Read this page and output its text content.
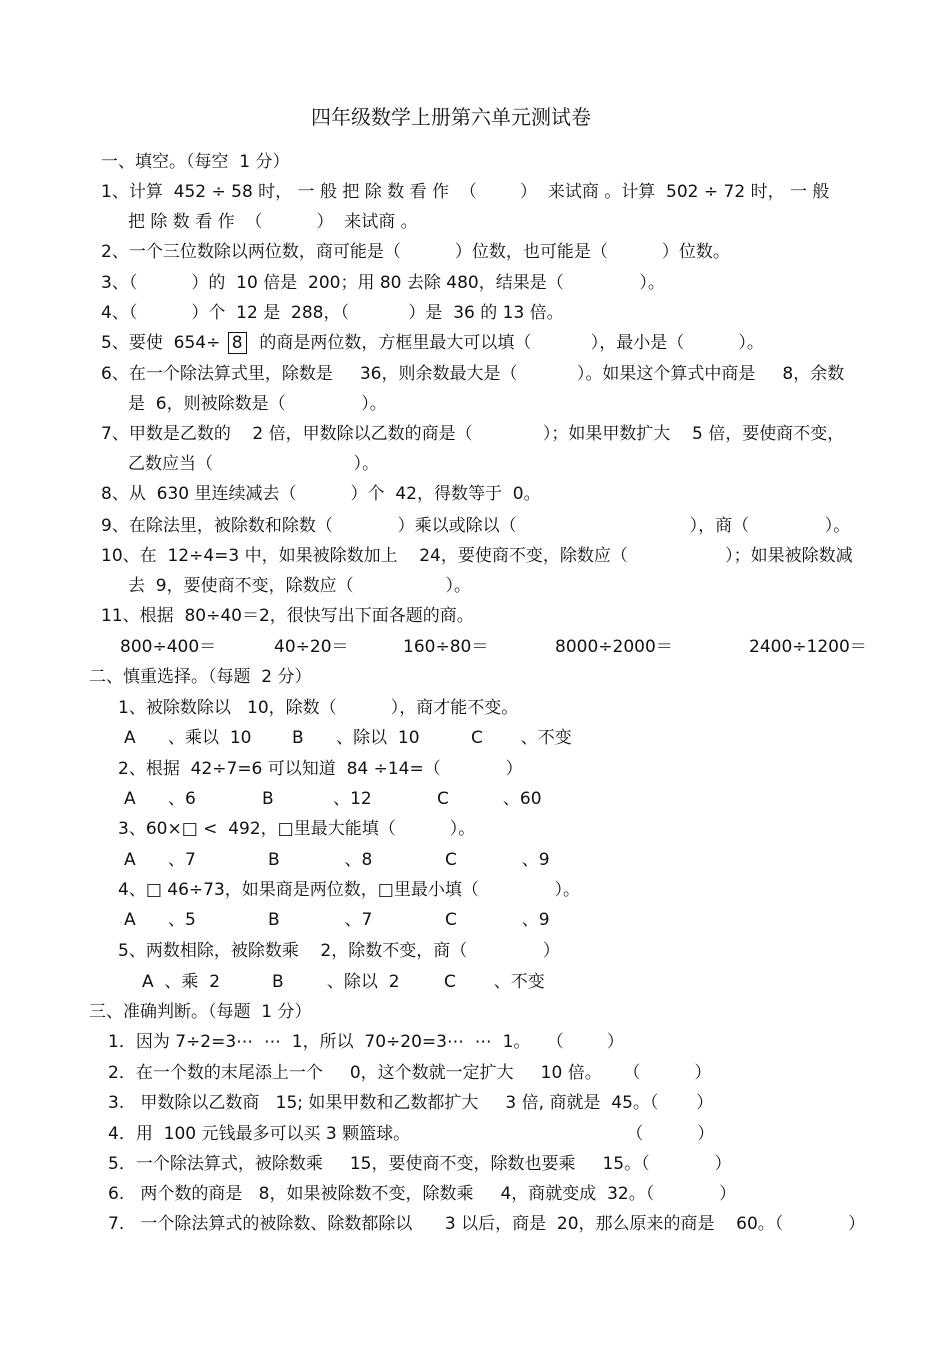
四年级数学上册第六单元测试卷
一、填空。（每空  1 分）
1、计算  452 ÷ 58 时， 一 般 把 除 数 看 作  （        ）  来试商 。计算  502 ÷ 72 时， 一 般
把 除 数 看 作  （          ）  来试商 。
2、一个三位数除以两位数，商可能是（          ）位数，也可能是（          ）位数。
3、（          ）的  10 倍是  200；用 80 去除 480，结果是（              ）。
4、（          ）个  12 是  288，（           ）是  36 的 13 倍。
5、要使  654÷ 8  的商是两位数，方框里最大可以填（           ），最小是（          ）。
6、在一个除法算式里，除数是     36，则余数最大是（           ）。如果这个算式中商是     8，余数
是  6，则被除数是（              ）。
7、甲数是乙数的    2 倍，甲数除以乙数的商是（             ）；如果甲数扩大    5 倍，要使商不变，
乙数应当（                          ）。
8、从  630 里连续减去（          ）个  42，得数等于  0。
9、在除法里，被除数和除数（            ）乘以或除以（                                ），商（              ）。
10、在  12÷4=3 中，如果被除数加上    24，要使商不变，除数应（                  ）；如果被除数减
去  9，要使商不变，除数应（                 ）。
11、根据  80÷40＝2，很快写出下面各题的商。
800÷400＝	40÷20＝	160÷80＝	8000÷2000＝	2400÷1200＝
二、慎重选择。（每题  2 分）
1、被除数除以   10，除数（          ），商才能不变。
A      、乘以  10 B      、除以  10	C       、不变
2、根据  42÷7=6 可以知道  84 ÷14=（            ）
A      、6	B           、12	C          、60
3、60×□ <  492，□里最大能填（          ）。
A      、7	B            、8	C            、9
4、□ 46÷73，如果商是两位数，□里最小填（              ）。
A      、5	B            、7	C            、9
5、两数相除，被除数乘    2，除数不变，商（              ）
A  、乘  2	B        、除以  2	C       、不变
三、准确判断。（每题  1 分）
1．因为 7÷2=3⋯  ⋯  1，所以  70÷20=3⋯  ⋯  1。   （        ）
2．在一个数的末尾添上一个     0，这个数就一定扩大     10 倍。    （          ）
3.   甲数除以乙数商   15; 如果甲数和乙数都扩大     3 倍, 商就是  45。（       ）
4．用  100 元钱最多可以买 3 颗篮球。                                        （          ）
5．一个除法算式，被除数乘     15，要使商不变，除数也要乘     15。（            ）
6.   两个数的商是   8，如果被除数不变，除数乘     4，商就变成  32。（            ）
7.   一个除法算式的被除数、除数都除以      3 以后，商是  20，那么原来的商是    60。（            ）
